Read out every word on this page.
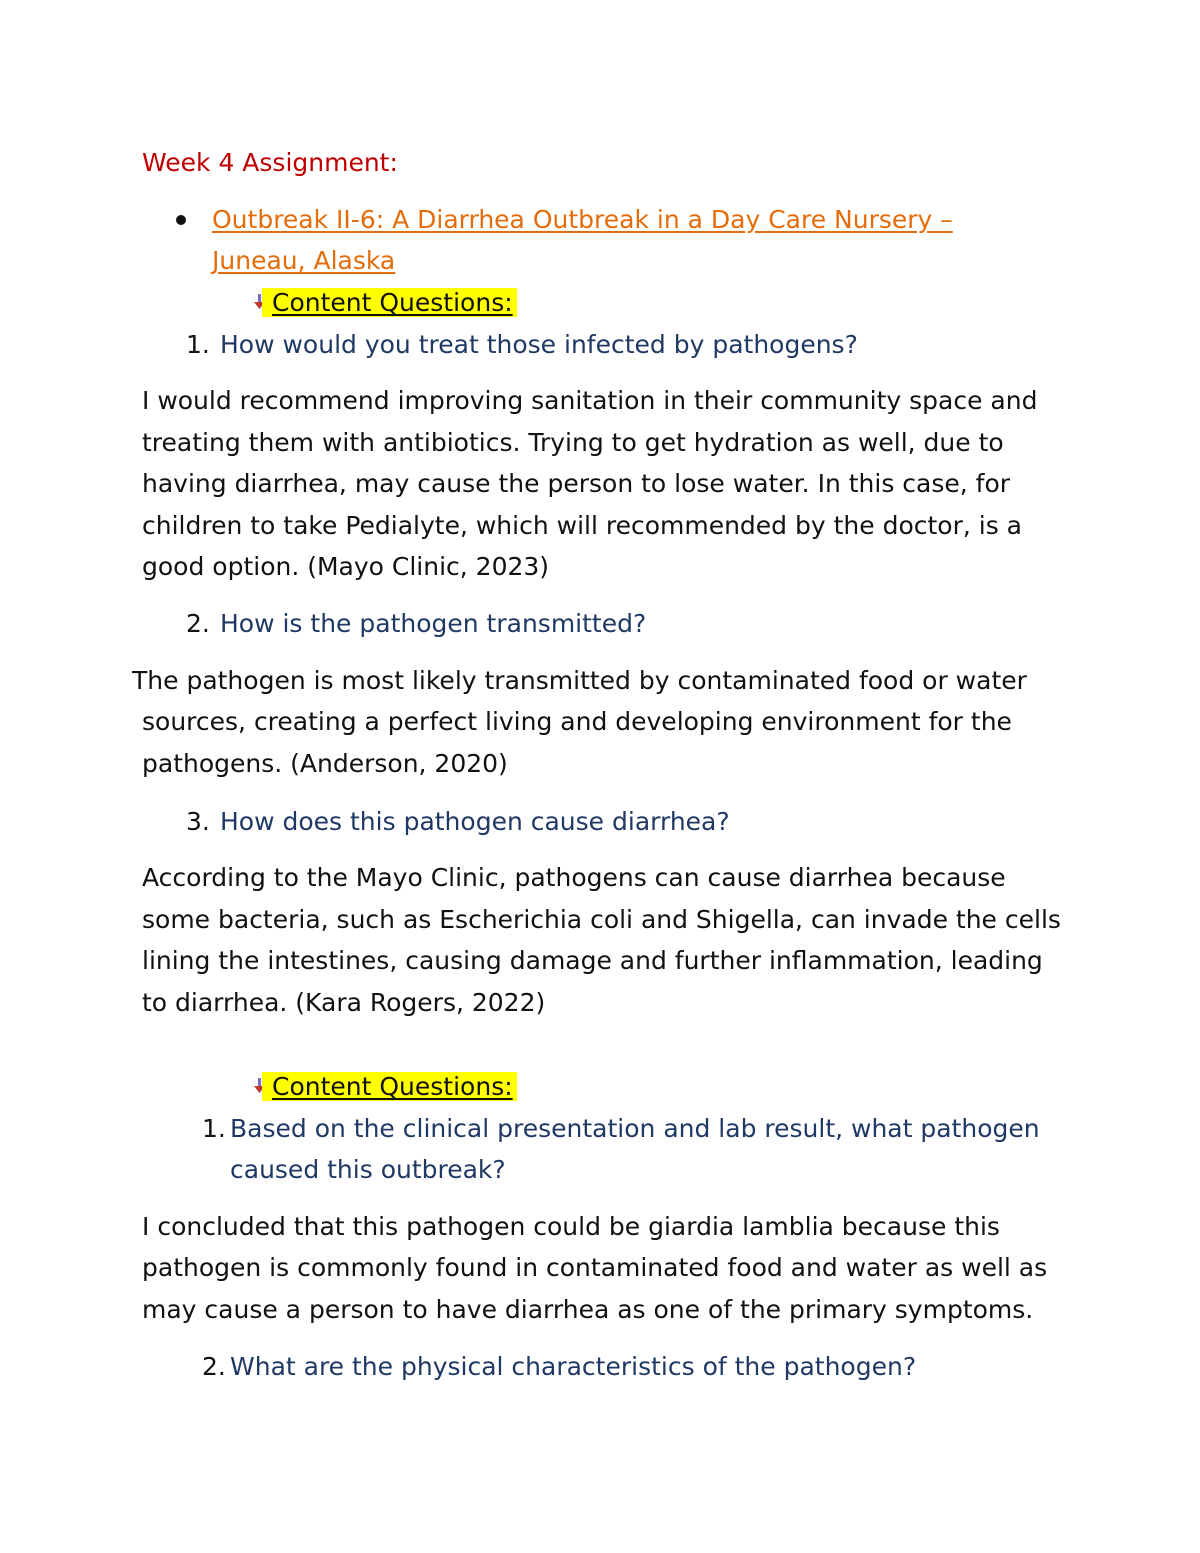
Week 4 Assignment:
Outbreak II-6: A Diarrhea Outbreak in a Day Care Nursery –
Juneau, Alaska
Content Questions:
1. How would you treat those infected by pathogens?
I would recommend improving sanitation in their community space and
treating them with antibiotics. Trying to get hydration as well, due to
having diarrhea, may cause the person to lose water. In this case, for
children to take Pedialyte, which will recommended by the doctor, is a
good option. (Mayo Clinic, 2023)
2. How is the pathogen transmitted?
The pathogen is most likely transmitted by contaminated food or water
sources, creating a perfect living and developing environment for the
pathogens. (Anderson, 2020)
3. How does this pathogen cause diarrhea?
According to the Mayo Clinic, pathogens can cause diarrhea because
some bacteria, such as Escherichia coli and Shigella, can invade the cells
lining the intestines, causing damage and further inflammation, leading
to diarrhea. (Kara Rogers, 2022)
Content Questions:
1. Based on the clinical presentation and lab result, what pathogen
caused this outbreak?
I concluded that this pathogen could be giardia lamblia because this
pathogen is commonly found in contaminated food and water as well as
may cause a person to have diarrhea as one of the primary symptoms.
2. What are the physical characteristics of the pathogen?
